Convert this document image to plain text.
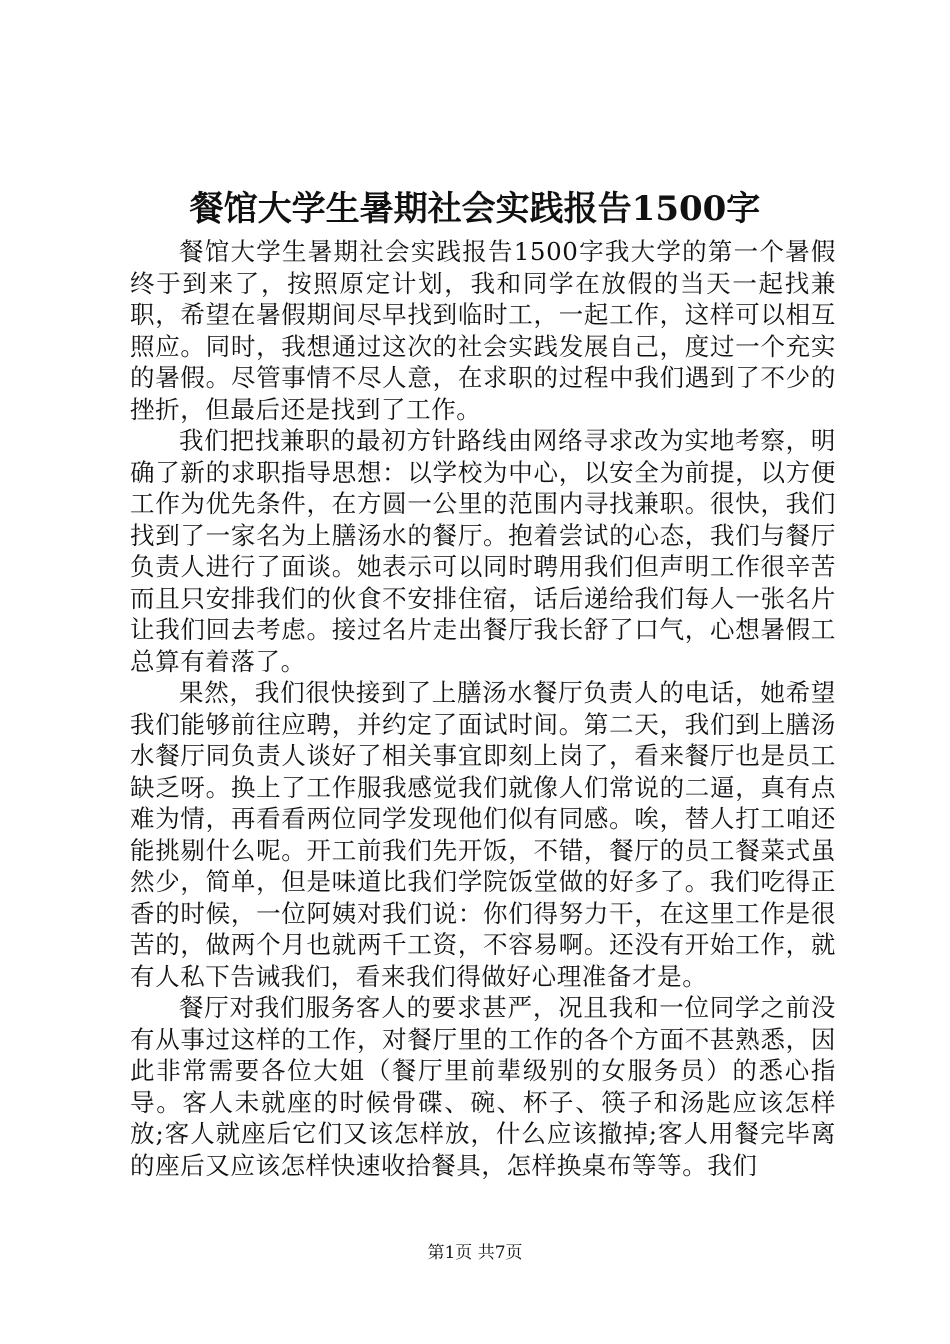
餐馆大学生暑期社会实践报告1500字

餐馆大学生暑期社会实践报告1500字我大学的第一个暑假终于到来了，按照原定计划，我和同学在放假的当天一起找兼职，希望在暑假期间尽早找到临时工，一起工作，这样可以相互照应。同时，我想通过这次的社会实践发展自己，度过一个充实的暑假。尽管事情不尽人意，在求职的过程中我们遇到了不少的挫折，但最后还是找到了工作。

我们把找兼职的最初方针路线由网络寻求改为实地考察，明确了新的求职指导思想：以学校为中心，以安全为前提，以方便工作为优先条件，在方圆一公里的范围内寻找兼职。很快，我们找到了一家名为上膳汤水的餐厅。抱着尝试的心态，我们与餐厅负责人进行了面谈。她表示可以同时聘用我们但声明工作很辛苦而且只安排我们的伙食不安排住宿，话后递给我们每人一张名片让我们回去考虑。接过名片走出餐厅我长舒了口气，心想暑假工总算有着落了。

果然，我们很快接到了上膳汤水餐厅负责人的电话，她希望我们能够前往应聘，并约定了面试时间。第二天，我们到上膳汤水餐厅同负责人谈好了相关事宜即刻上岗了，看来餐厅也是员工缺乏呀。换上了工作服我感觉我们就像人们常说的二逼，真有点难为情，再看看两位同学发现他们似有同感。唉，替人打工咱还能挑剔什么呢。开工前我们先开饭，不错，餐厅的员工餐菜式虽然少，简单，但是味道比我们学院饭堂做的好多了。我们吃得正香的时候，一位阿姨对我们说：你们得努力干，在这里工作是很苦的，做两个月也就两千工资，不容易啊。还没有开始工作，就有人私下告诫我们，看来我们得做好心理准备才是。

餐厅对我们服务客人的要求甚严，况且我和一位同学之前没有从事过这样的工作，对餐厅里的工作的各个方面不甚熟悉，因此非常需要各位大姐（餐厅里前辈级别的女服务员）的悉心指导。客人未就座的时候骨碟、碗、杯子、筷子和汤匙应该怎样放;客人就座后它们又该怎样放，什么应该撤掉;客人用餐完毕离的座后又应该怎样快速收拾餐具，怎样换桌布等等。我们

第1页 共7页
